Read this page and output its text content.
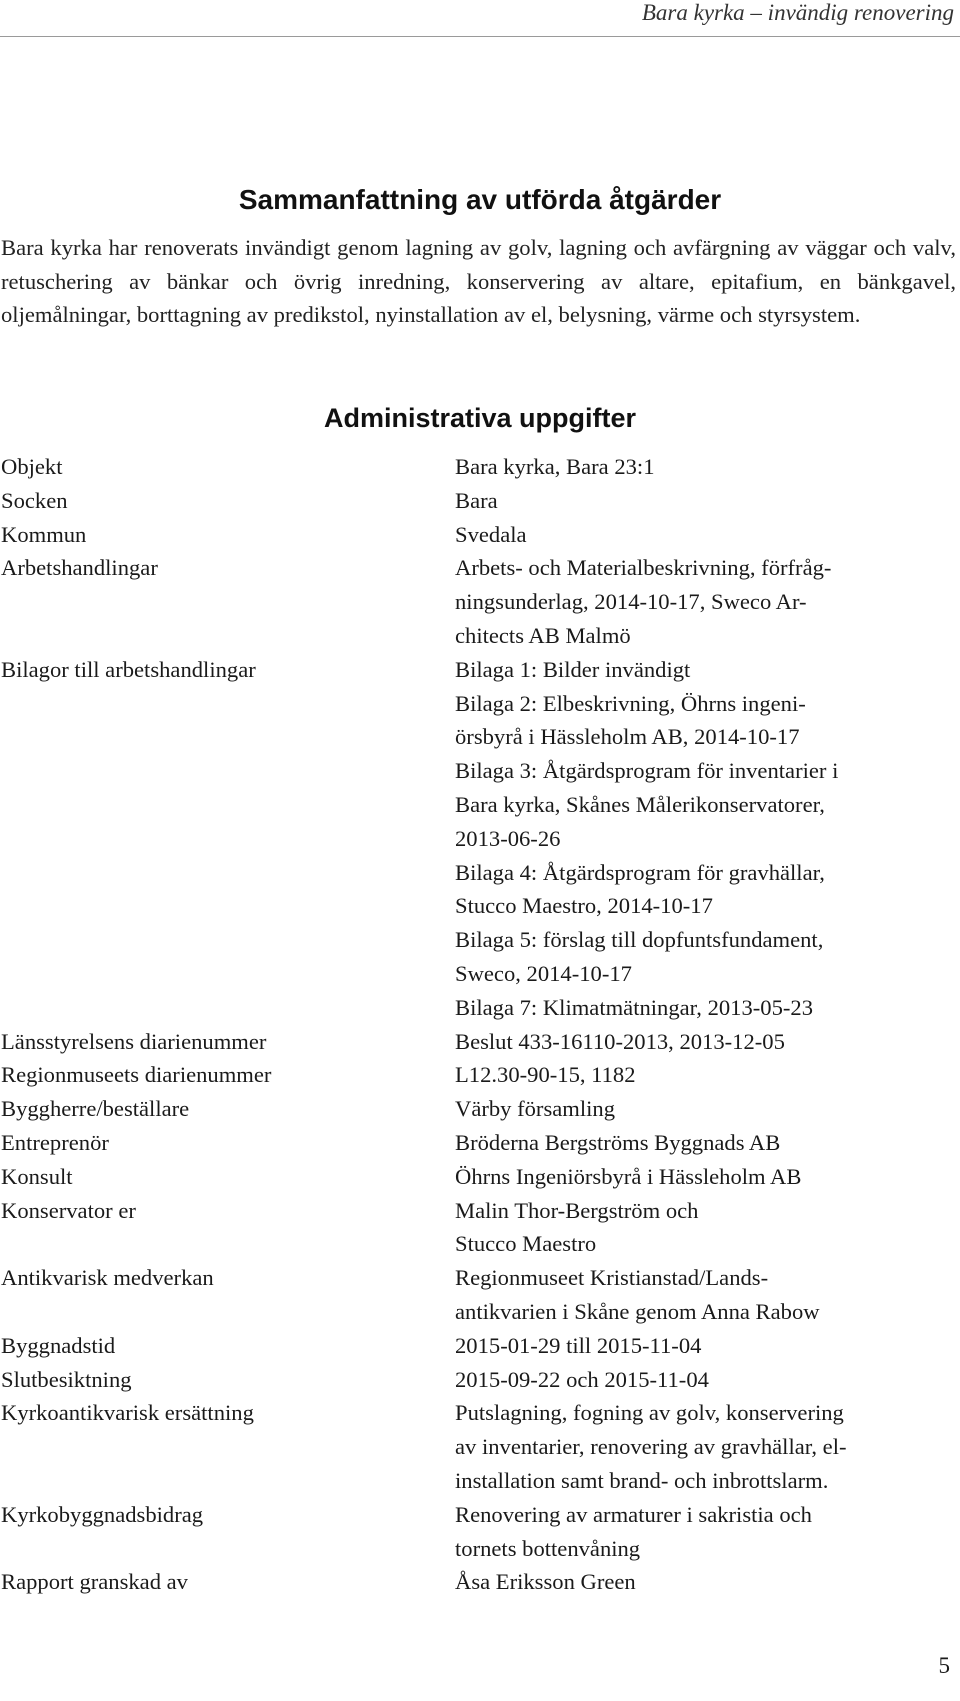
Bara kyrka – invändig renovering
Sammanfattning av utförda åtgärder

Bara kyrka har renoverats invändigt genom lagning av golv, lagning och avfärgning av väggar och valv, retuschering av bänkar och övrig inredning, konservering av altare, epitafium, en bänkgavel, oljemålningar, borttagning av predikstol, nyinstallation av el, belysning, värme och styrsystem.

Administrativa uppgifter
Objekt	Bara kyrka, Bara 23:1
Socken	Bara
Kommun	Svedala
Arbetshandlingar	Arbets- och Materialbeskrivning, förfråg-
ningsunderlag, 2014-10-17, Sweco Ar-
chitects AB Malmö
Bilagor till arbetshandlingar	Bilaga 1: Bilder invändigt
Bilaga 2: Elbeskrivning, Öhrns ingeni-
örsbyrå i Hässleholm AB, 2014-10-17
Bilaga 3: Åtgärdsprogram för inventarier i
Bara kyrka, Skånes Målerikonservatorer,
2013-06-26
Bilaga 4: Åtgärdsprogram för gravhällar,
Stucco Maestro, 2014-10-17
Bilaga 5: förslag till dopfuntsfundament,
Sweco, 2014-10-17
Bilaga 7: Klimatmätningar, 2013-05-23
Länsstyrelsens diarienummer	Beslut 433-16110-2013, 2013-12-05
Regionmuseets diarienummer	L12.30-90-15, 1182
Byggherre/beställare	Värby församling
Entreprenör	Bröderna Bergströms Byggnads AB
Konsult	Öhrns Ingeniörsbyrå i Hässleholm AB
Konservator er	Malin Thor-Bergström och
Stucco Maestro
Antikvarisk medverkan	Regionmuseet Kristianstad/Lands-
antikvarien i Skåne genom Anna Rabow
Byggnadstid	2015-01-29 till 2015-11-04
Slutbesiktning	2015-09-22 och 2015-11-04
Kyrkoantikvarisk ersättning	Putslagning, fogning av golv, konservering
av inventarier, renovering av gravhällar, el-
installation samt brand- och inbrottslarm.
Kyrkobyggnadsbidrag	Renovering av armaturer i sakristia och
tornets bottenvåning
Rapport granskad av	Åsa Eriksson Green
5
